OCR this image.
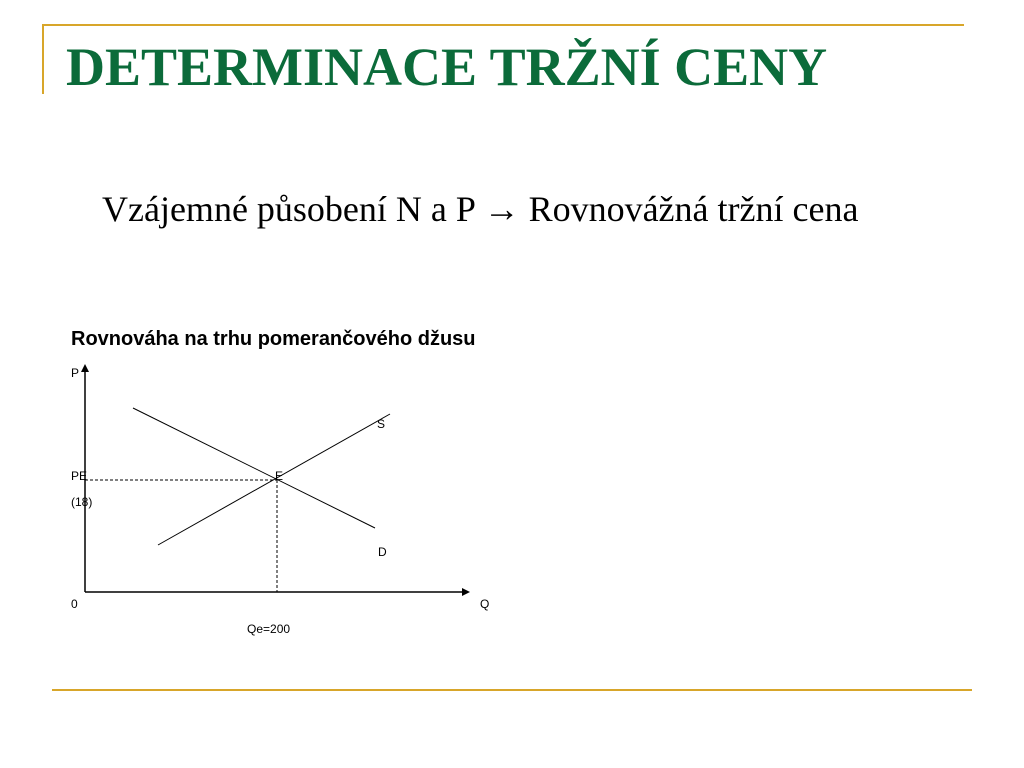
DETERMINACE TRŽNÍ CENY

Vzájemné působení N a P → Rovnovážná tržní cena

Rovnováha na trhu pomerančového džusu
P
Q
0
S
D
E
PE
(18)
Qe=200
